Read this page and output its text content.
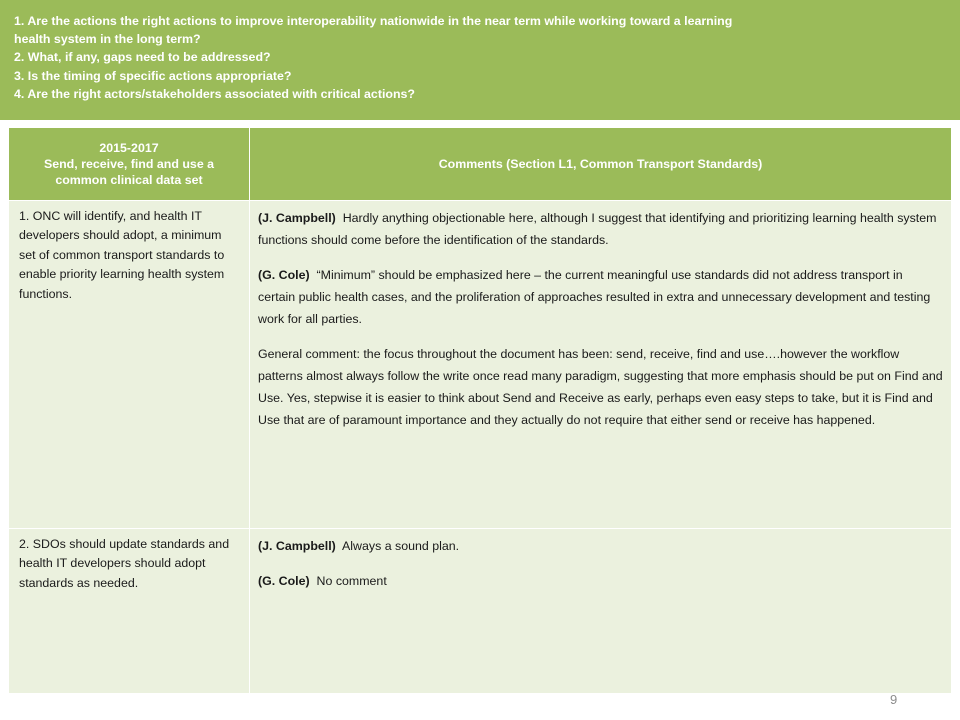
1. Are the actions the right actions to improve interoperability nationwide in the near term while working toward a learning
health system in the long term?
2. What, if any, gaps need to be addressed?
3. Is the timing of specific actions appropriate?
4. Are the right actors/stakeholders associated with critical actions?
2015-2017
Send, receive, find and use a common clinical data set	Comments (Section L1, Common Transport Standards)
1. ONC will identify, and health IT developers should adopt, a minimum set of common transport standards to enable priority learning health system functions.	(J. Campbell) Hardly anything objectionable here, although I suggest that identifying and prioritizing learning health system functions should come before the identification of the standards.

(G. Cole) “Minimum” should be emphasized here – the current meaningful use standards did not address transport in certain public health cases, and the proliferation of approaches resulted in extra and unnecessary development and testing work for all parties.

General comment: the focus throughout the document has been: send, receive, find and use….however the workflow patterns almost always follow the write once read many paradigm, suggesting that more emphasis should be put on Find and Use. Yes, stepwise it is easier to think about Send and Receive as early, perhaps even easy steps to take, but it is Find and Use that are of paramount importance and they actually do not require that either send or receive has happened.

2. SDOs should update standards and health IT developers should adopt standards as needed.	(J. Campbell) Always a sound plan.

(G. Cole) No comment

9
